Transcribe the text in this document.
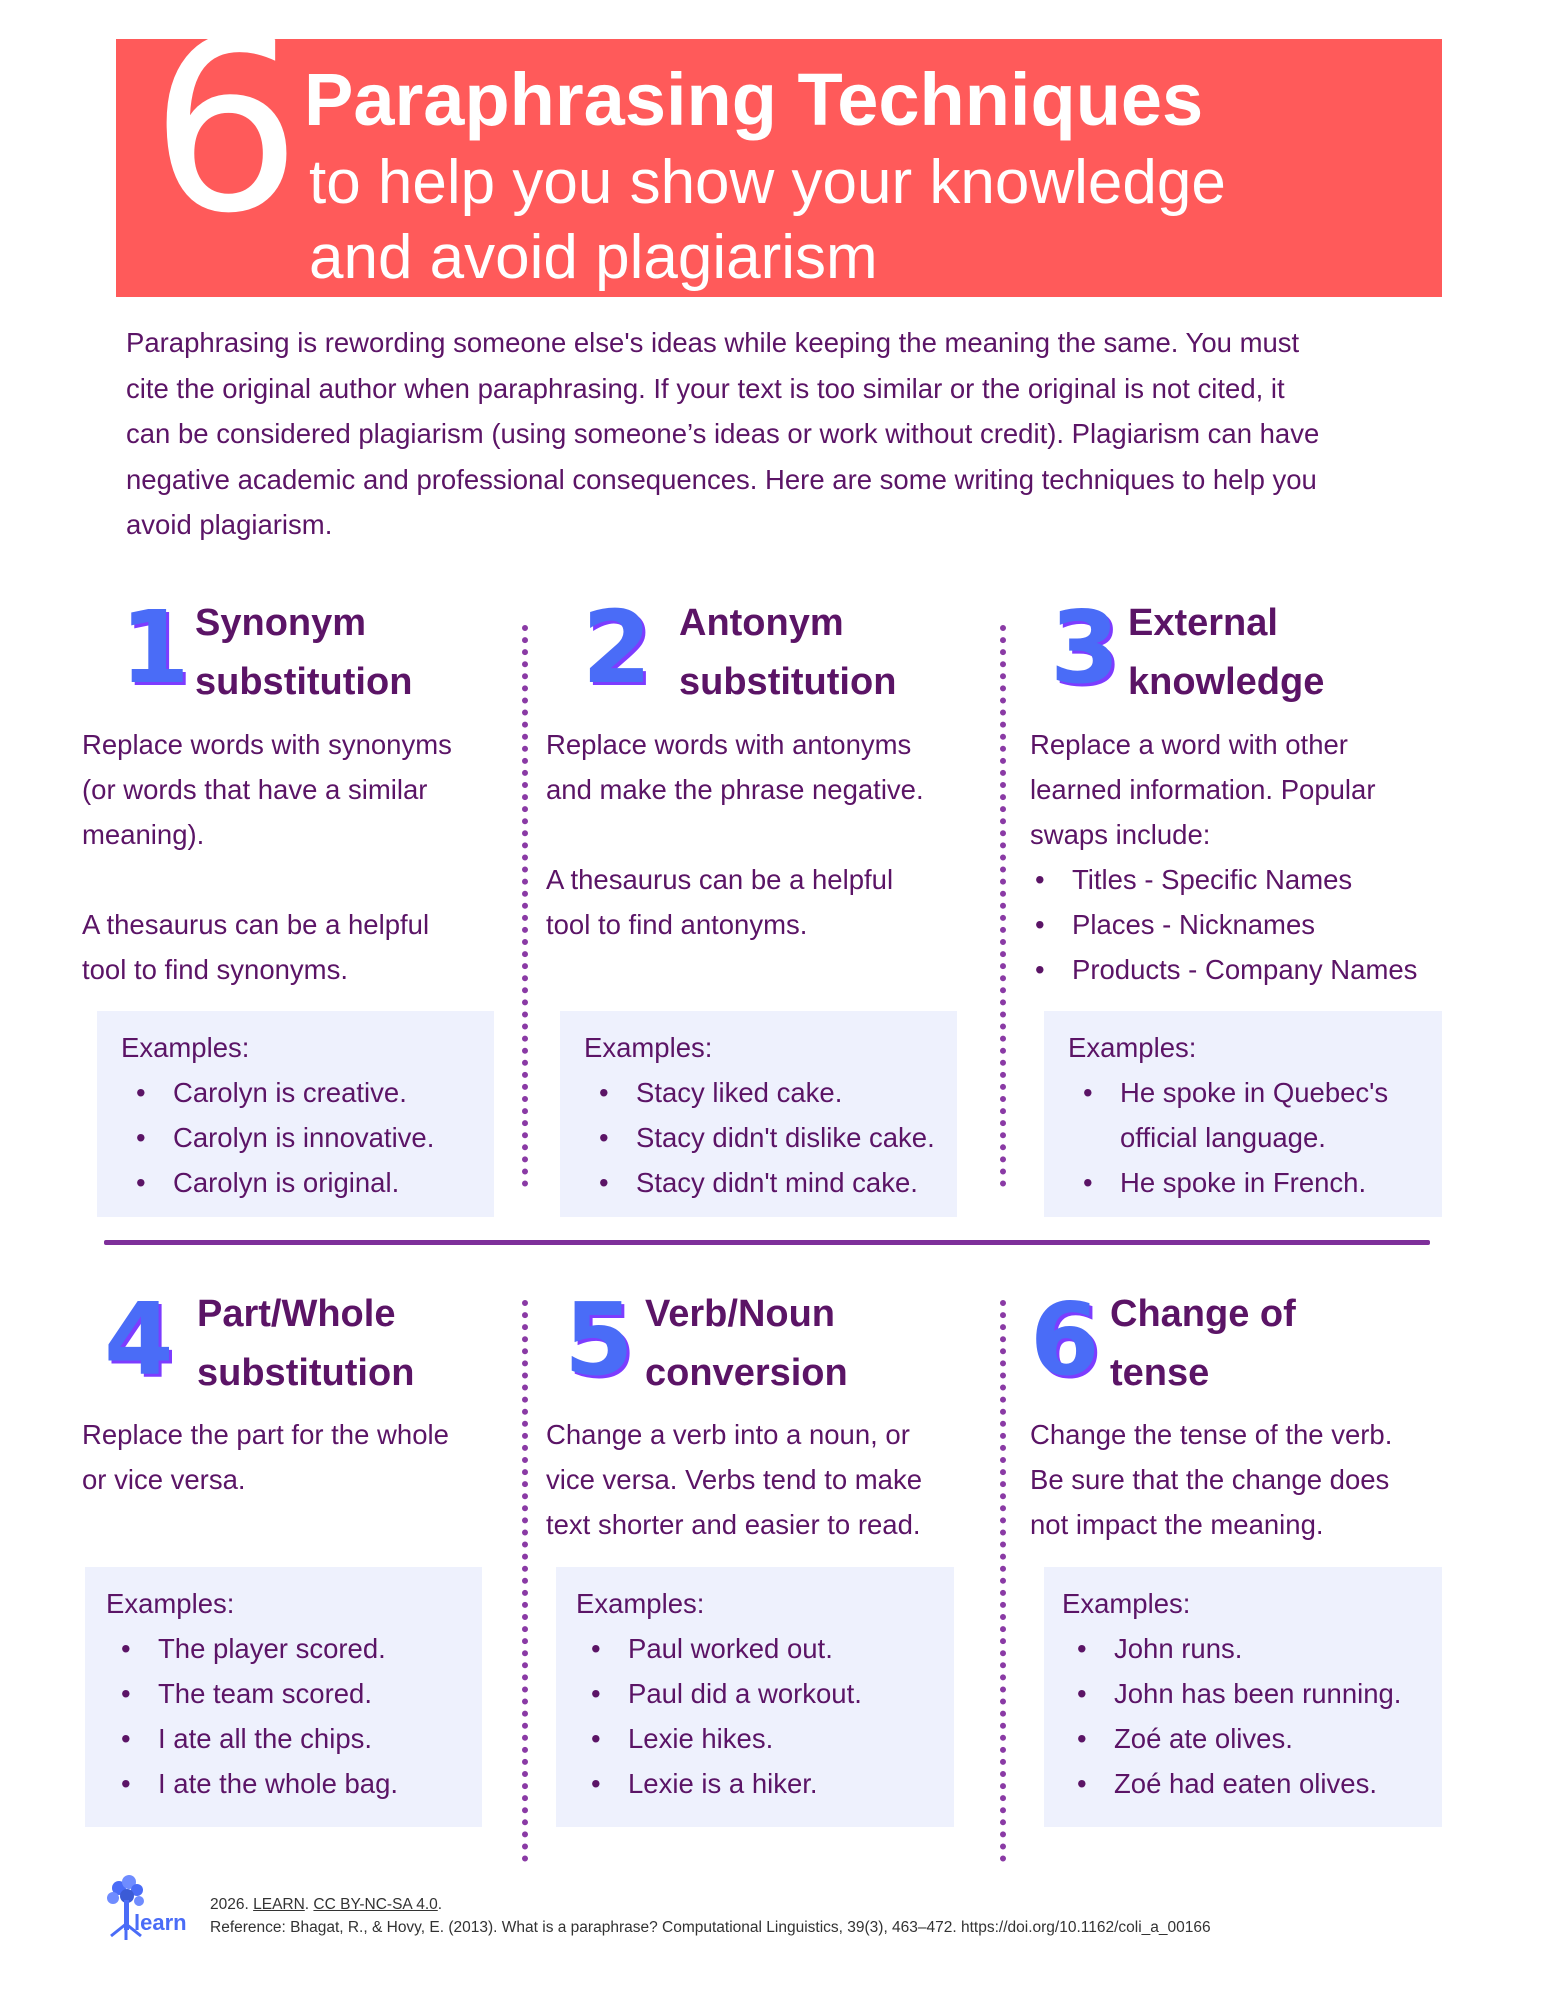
6 Paraphrasing Techniques
to help you show your knowledge
and avoid plagiarism

Paraphrasing is rewording someone else's ideas while keeping the meaning the same. You must

cite the original author when paraphrasing. If your text is too similar or the original is not cited, it

can be considered plagiarism (using someone’s ideas or work without credit). Plagiarism can have

negative academic and professional consequences. Here are some writing techniques to help you

avoid plagiarism.

1 Synonym
substitution
Replace words with synonyms
(or words that have a similar
meaning).
A thesaurus can be a helpful
tool to find synonyms.
Examples:
• Carolyn is creative.
• Carolyn is innovative.
• Carolyn is original.
2 Antonym
substitution
Replace words with antonyms
and make the phrase negative.
A thesaurus can be a helpful
tool to find antonyms.
Examples:
• Stacy liked cake.
• Stacy didn't dislike cake.
• Stacy didn't mind cake.
3 External
knowledge
Replace a word with other
learned information. Popular
swaps include:
• Titles - Specific Names
• Places - Nicknames
• Products - Company Names
Examples:
• He spoke in Quebec's
official language.
• He spoke in French.
4 Part/Whole
substitution
Replace the part for the whole
or vice versa.
Examples:
• The player scored.
• The team scored.
• I ate all the chips.
• I ate the whole bag.
5 Verb/Noun
conversion
Change a verb into a noun, or
vice versa. Verbs tend to make
text shorter and easier to read.
Examples:
• Paul worked out.
• Paul did a workout.
• Lexie hikes.
• Lexie is a hiker.
6 Change of
tense
Change the tense of the verb.
Be sure that the change does
not impact the meaning.
Examples:
• John runs.
• John has been running.
• Zoé ate olives.
• Zoé had eaten olives.
learn
2026. LEARN. CC BY-NC-SA 4.0.
Reference: Bhagat, R., & Hovy, E. (2013). What is a paraphrase? Computational Linguistics, 39(3), 463–472. https://doi.org/10.1162/coli_a_00166
